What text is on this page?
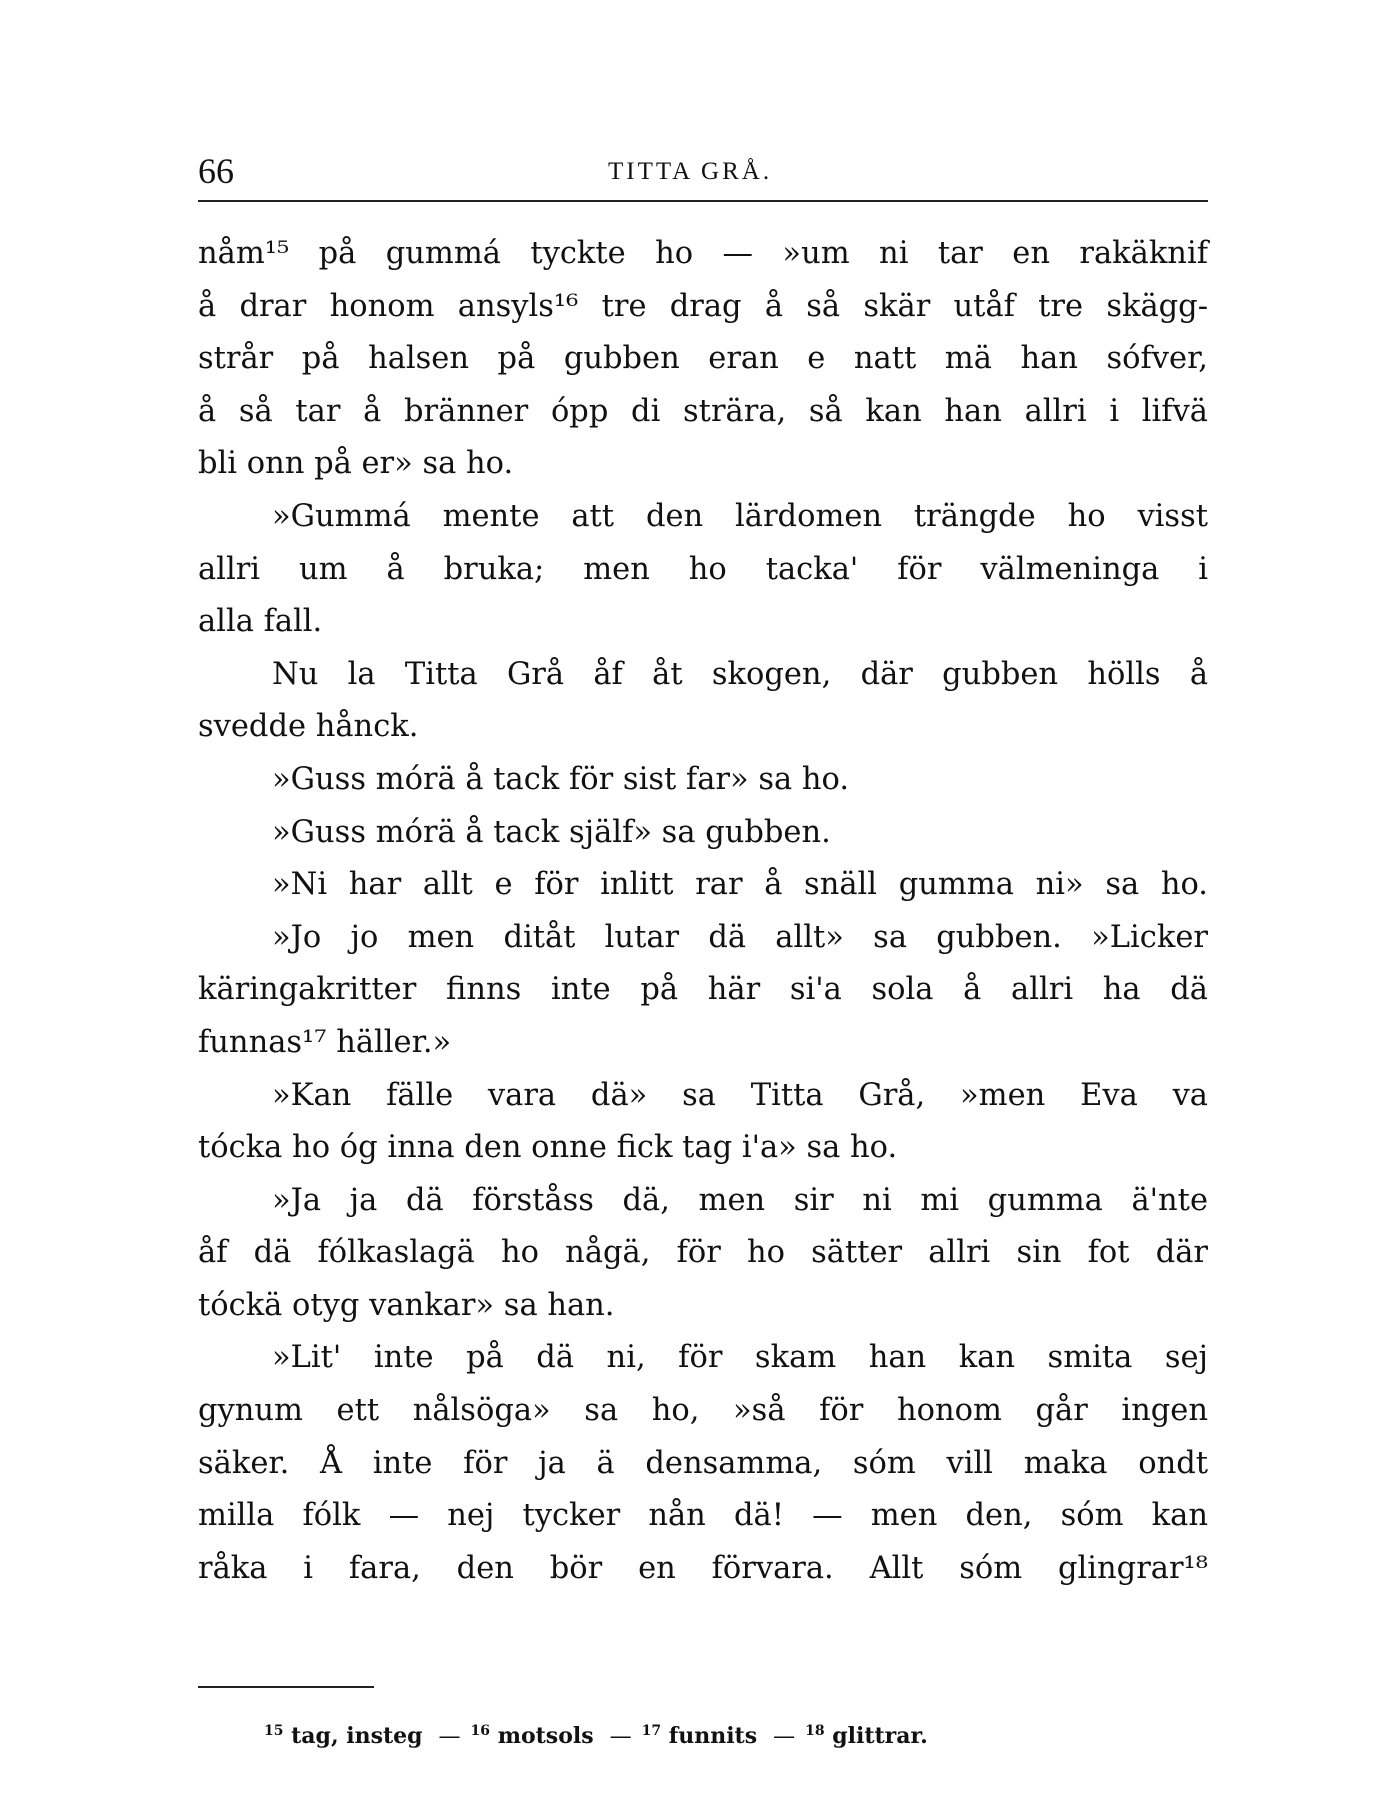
66	TITTA GRÅ.
nåm¹⁵ på gummá tyckte ho — »um ni tar en rakäknif
å drar honom ansyls¹⁶ tre drag å så skär utåf tre skägg-
strår på halsen på gubben eran e natt mä han sófver,
å så tar å bränner ópp di strära, så kan han allri i lifvä
bli onn på er» sa ho.
»Gummá mente att den lärdomen trängde ho visst
allri um å bruka; men ho tacka' för välmeninga i
alla fall.
Nu la Titta Grå åf åt skogen, där gubben hölls å
svedde hånck.
»Guss mórä å tack för sist far» sa ho.
»Guss mórä å tack själf» sa gubben.
»Ni har allt e för inlitt rar å snäll gumma ni» sa ho.
»Jo jo men ditåt lutar dä allt» sa gubben. »Licker
käringakritter finns inte på här si'a sola å allri ha dä
funnas¹⁷ häller.»
»Kan fälle vara dä» sa Titta Grå, »men Eva va
tócka ho óg inna den onne fick tag i'a» sa ho.
»Ja ja dä förståss dä, men sir ni mi gumma ä'nte
åf dä fólkaslagä ho någä, för ho sätter allri sin fot där
tóckä otyg vankar» sa han.
»Lit' inte på dä ni, för skam han kan smita sej
gynum ett nålsöga» sa ho, »så för honom går ingen
säker. Å inte för ja ä densamma, sóm vill maka ondt
milla fólk — nej tycker nån dä! — men den, sóm kan
råka i fara, den bör en förvara. Allt sóm glingrar¹⁸
$^{15}$ tag, insteg — $^{16}$ motsols — $^{17}$ funnits — $^{18}$ glittrar.
